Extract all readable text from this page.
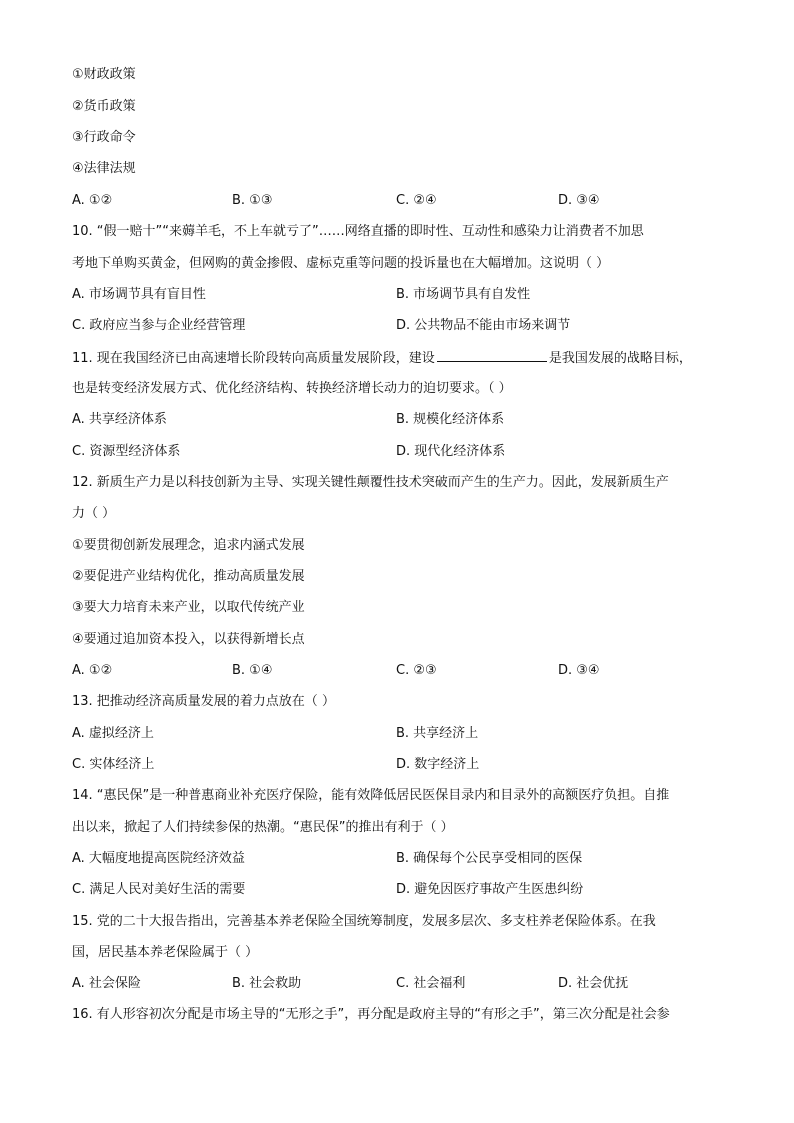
①财政政策
②货币政策
③行政命令
④法律法规
A. ①②	B. ①③	C. ②④	D. ③④
10. “假一赔十”“来薅羊毛，不上车就亏了”……网络直播的即时性、互动性和感染力让消费者不加思
考地下单购买黄金，但网购的黄金掺假、虚标克重等问题的投诉量也在大幅增加。这说明（ ）
A. 市场调节具有盲目性	B. 市场调节具有自发性
C. 政府应当参与企业经营管理	D. 公共物品不能由市场来调节
11. 现在我国经济已由高速增长阶段转向高质量发展阶段，建设	是我国发展的战略目标，
也是转变经济发展方式、优化经济结构、转换经济增长动力的迫切要求。（ ）
A. 共享经济体系	B. 规模化经济体系
C. 资源型经济体系	D. 现代化经济体系
12. 新质生产力是以科技创新为主导、实现关键性颠覆性技术突破而产生的生产力。因此，发展新质生产
力（ ）
①要贯彻创新发展理念，追求内涵式发展
②要促进产业结构优化，推动高质量发展
③要大力培育未来产业，以取代传统产业
④要通过追加资本投入，以获得新增长点
A. ①②	B. ①④	C. ②③	D. ③④
13. 把推动经济高质量发展的着力点放在（ ）
A. 虚拟经济上	B. 共享经济上
C. 实体经济上	D. 数字经济上
14. “惠民保”是一种普惠商业补充医疗保险，能有效降低居民医保目录内和目录外的高额医疗负担。自推
出以来，掀起了人们持续参保的热潮。“惠民保”的推出有利于（ ）
A. 大幅度地提高医院经济效益	B. 确保每个公民享受相同的医保
C. 满足人民对美好生活的需要	D. 避免因医疗事故产生医患纠纷
15. 党的二十大报告指出，完善基本养老保险全国统筹制度，发展多层次、多支柱养老保险体系。在我
国，居民基本养老保险属于（ ）
A. 社会保险	B. 社会救助	C. 社会福利	D. 社会优抚
16. 有人形容初次分配是市场主导的“无形之手”，再分配是政府主导的“有形之手”，第三次分配是社会参
